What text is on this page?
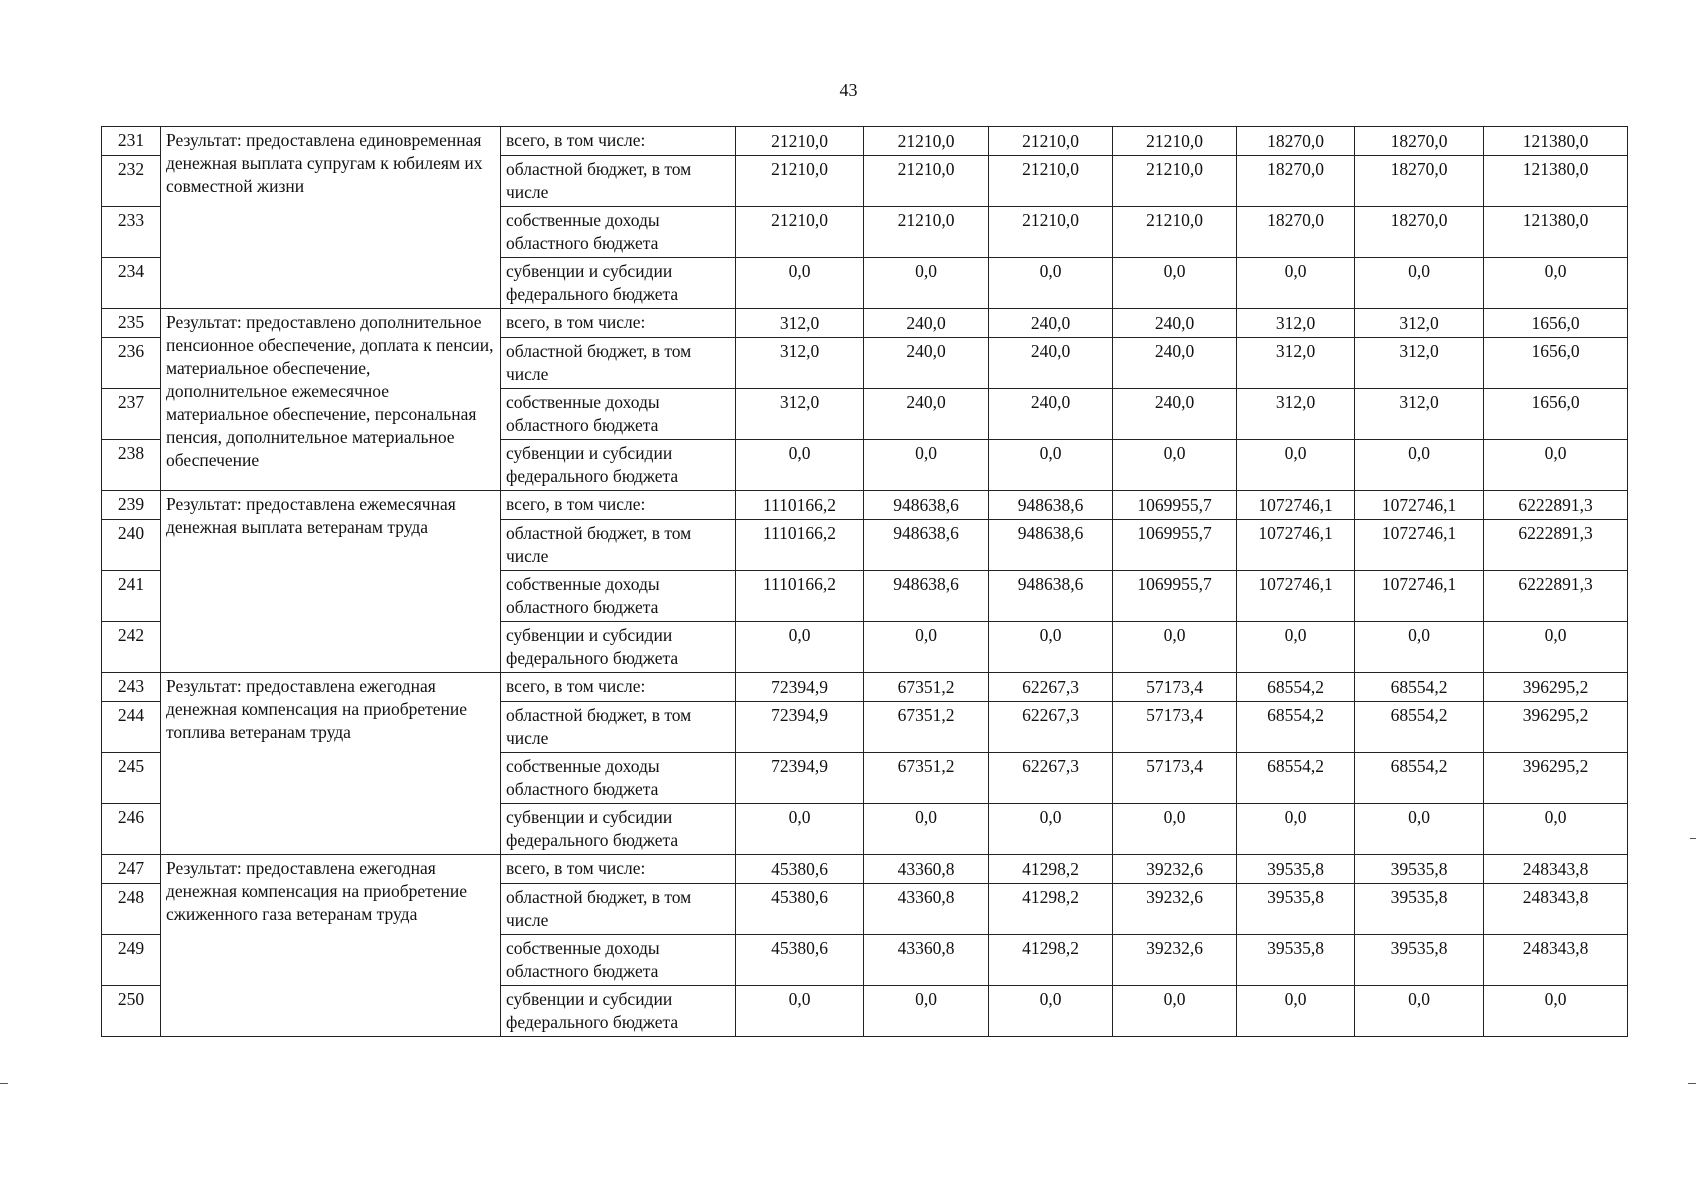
43
231	Результат: предоставлена единовременная денежная выплата супругам к юбилеям их совместной жизни	всего, в том числе:	21210,0	21210,0	21210,0	21210,0	18270,0	18270,0	121380,0
232		областной бюджет, в том числе	21210,0	21210,0	21210,0	21210,0	18270,0	18270,0	121380,0
233		собственные доходы областного бюджета	21210,0	21210,0	21210,0	21210,0	18270,0	18270,0	121380,0
234		субвенции и субсидии федерального бюджета	0,0	0,0	0,0	0,0	0,0	0,0	0,0
235	Результат: предоставлено дополнительное пенсионное обеспечение, доплата к пенсии, материальное обеспечение, дополнительное ежемесячное материальное обеспечение, персональная пенсия, дополнительное материальное обеспечение	всего, в том числе:	312,0	240,0	240,0	240,0	312,0	312,0	1656,0
236		областной бюджет, в том числе	312,0	240,0	240,0	240,0	312,0	312,0	1656,0
237		собственные доходы областного бюджета	312,0	240,0	240,0	240,0	312,0	312,0	1656,0
238		субвенции и субсидии федерального бюджета	0,0	0,0	0,0	0,0	0,0	0,0	0,0
239	Результат: предоставлена ежемесячная денежная выплата ветеранам труда	всего, в том числе:	1110166,2	948638,6	948638,6	1069955,7	1072746,1	1072746,1	6222891,3
240		областной бюджет, в том числе	1110166,2	948638,6	948638,6	1069955,7	1072746,1	1072746,1	6222891,3
241		собственные доходы областного бюджета	1110166,2	948638,6	948638,6	1069955,7	1072746,1	1072746,1	6222891,3
242		субвенции и субсидии федерального бюджета	0,0	0,0	0,0	0,0	0,0	0,0	0,0
243	Результат: предоставлена ежегодная денежная компенсация на приобретение топлива ветеранам труда	всего, в том числе:	72394,9	67351,2	62267,3	57173,4	68554,2	68554,2	396295,2
244		областной бюджет, в том числе	72394,9	67351,2	62267,3	57173,4	68554,2	68554,2	396295,2
245		собственные доходы областного бюджета	72394,9	67351,2	62267,3	57173,4	68554,2	68554,2	396295,2
246		субвенции и субсидии федерального бюджета	0,0	0,0	0,0	0,0	0,0	0,0	0,0
247	Результат: предоставлена ежегодная денежная компенсация на приобретение сжиженного газа ветеранам труда	всего, в том числе:	45380,6	43360,8	41298,2	39232,6	39535,8	39535,8	248343,8
248		областной бюджет, в том числе	45380,6	43360,8	41298,2	39232,6	39535,8	39535,8	248343,8
249		собственные доходы областного бюджета	45380,6	43360,8	41298,2	39232,6	39535,8	39535,8	248343,8
250		субвенции и субсидии федерального бюджета	0,0	0,0	0,0	0,0	0,0	0,0	0,0
